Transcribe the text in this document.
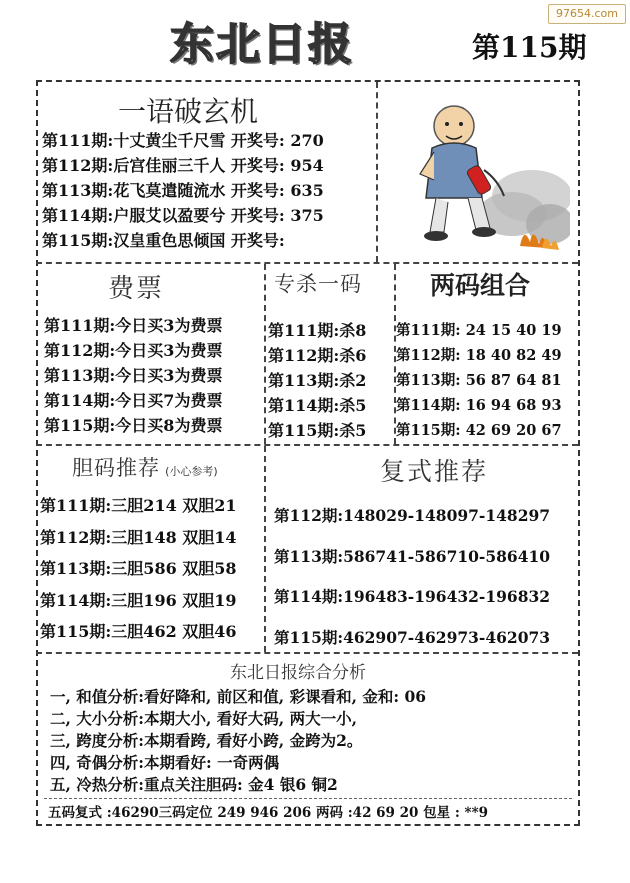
97654.com
东北日报	第115期
一语破玄机
第111期:十丈黄尘千尺雪 开奖号: 270
第112期:后宫佳丽三千人 开奖号: 954
第113期:花飞莫遣随流水 开奖号: 635
第114期:户服艾以盈要兮 开奖号: 375
第115期:汉皇重色思倾国 开奖号:
费票
第111期:今日买3为费票
第112期:今日买3为费票
第113期:今日买3为费票
第114期:今日买7为费票
第115期:今日买8为费票
专杀一码
第111期:杀8
第112期:杀6
第113期:杀2
第114期:杀5
第115期:杀5
两码组合
第111期: 24 15 40 19
第112期: 18 40 82 49
第113期: 56 87 64 81
第114期: 16 94 68 93
第115期: 42 69 20 67
胆码推荐 (小心参考)
第111期:三胆214 双胆21
第112期:三胆148 双胆14
第113期:三胆586 双胆58
第114期:三胆196 双胆19
第115期:三胆462 双胆46
复式推荐
第112期:148029-148097-148297
第113期:586741-586710-586410
第114期:196483-196432-196832
第115期:462907-462973-462073
东北日报综合分析
一, 和值分析:看好降和, 前区和值, 彩课看和, 金和: 06
二, 大小分析:本期大小, 看好大码, 两大一小,
三, 跨度分析:本期看跨, 看好小跨, 金跨为2。
四, 奇偶分析:本期看好: 一奇两偶
五, 冷热分析:重点关注胆码: 金4 银6 铜2
五码复式 :46290三码定位 249 946 206 两码 :42 69 20 包星 : **9
